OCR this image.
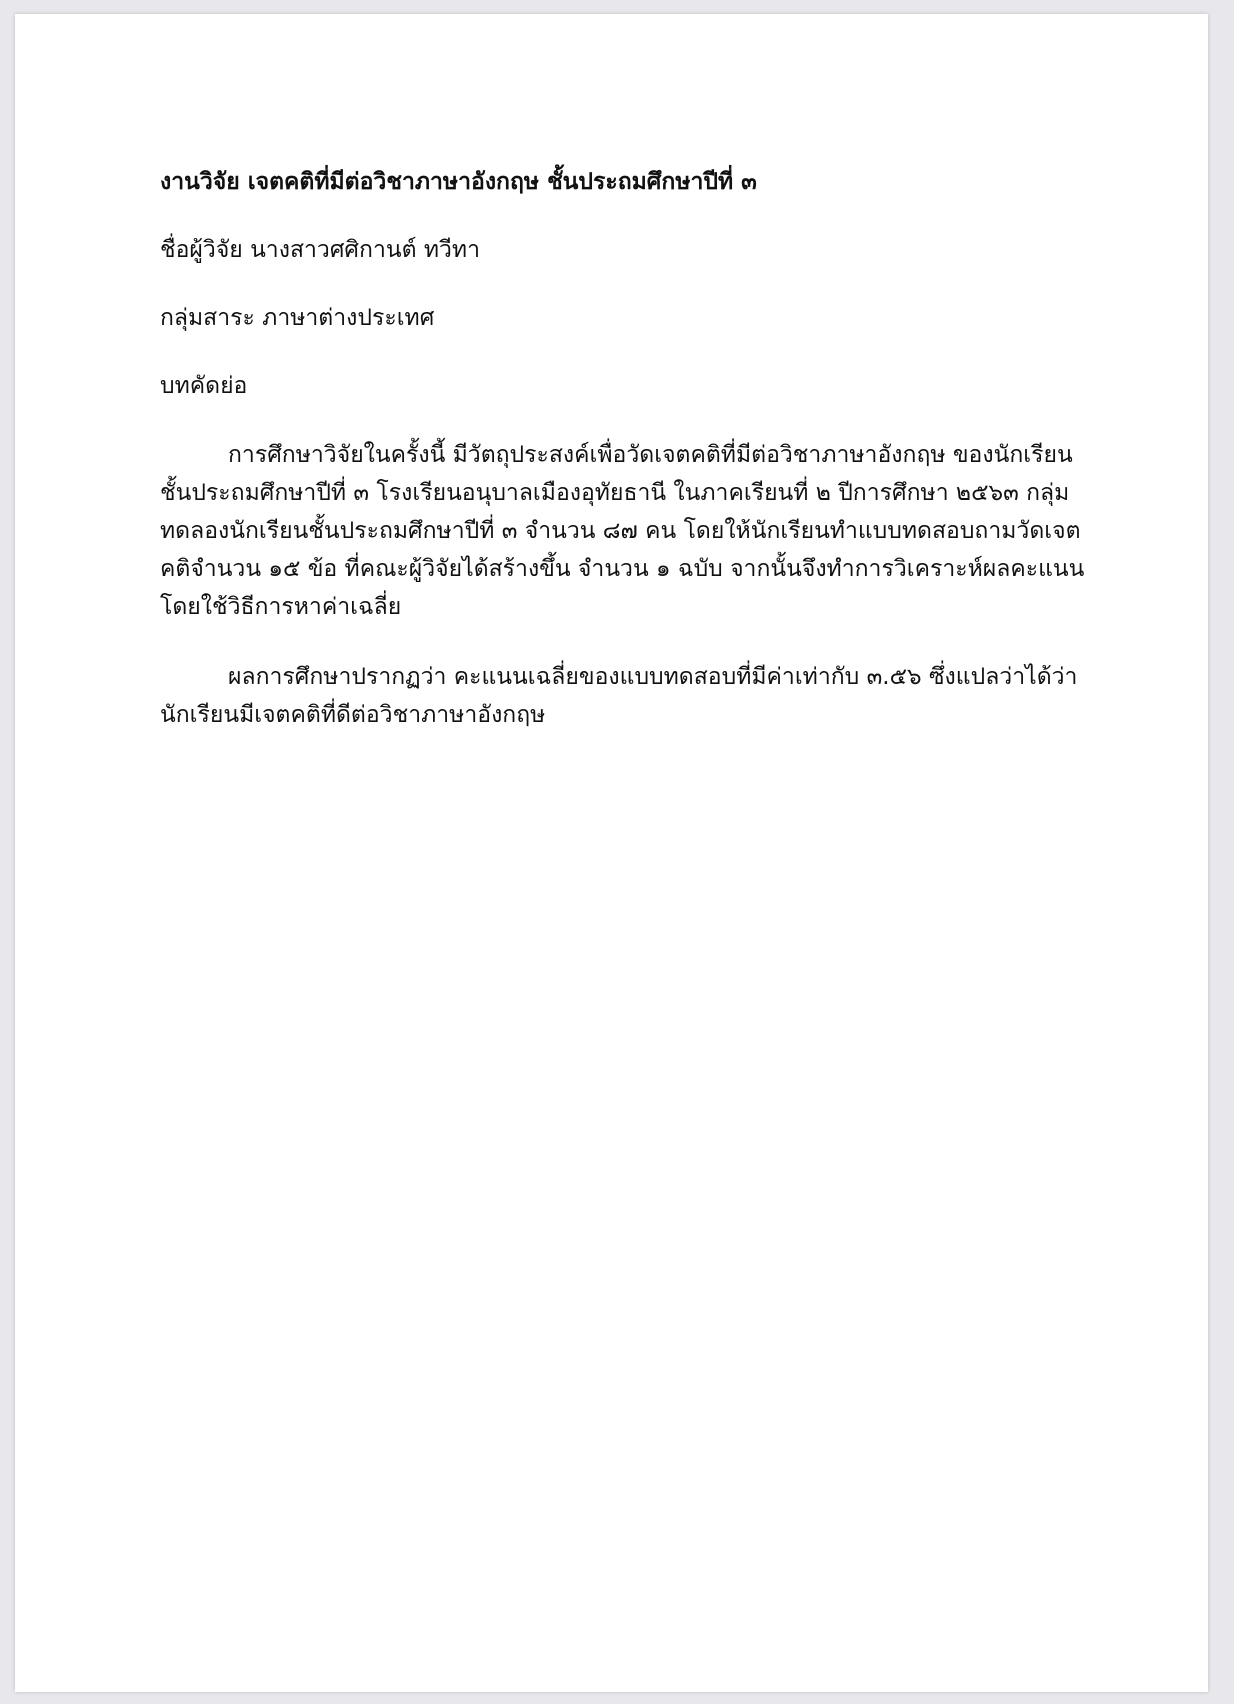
งานวิจัย เจตคติที่มีต่อวิชาภาษาอังกฤษ ชั้นประถมศึกษาปีที่ ๓

ชื่อผู้วิจัย นางสาวศศิกานต์ ทวีทา

กลุ่มสาระ ภาษาต่างประเทศ

บทคัดย่อ

การศึกษาวิจัยในครั้งนี้ มีวัตถุประสงค์เพื่อวัดเจตคติที่มีต่อวิชาภาษาอังกฤษ ของนักเรียน
ชั้นประถมศึกษาปีที่ ๓ โรงเรียนอนุบาลเมืองอุทัยธานี ในภาคเรียนที่ ๒ ปีการศึกษา ๒๕๖๓ กลุ่ม
ทดลองนักเรียนชั้นประถมศึกษาปีที่ ๓ จำนวน ๘๗ คน โดยให้นักเรียนทำแบบทดสอบถามวัดเจต
คติจำนวน ๑๕ ข้อ ที่คณะผู้วิจัยได้สร้างขึ้น จำนวน ๑ ฉบับ จากนั้นจึงทำการวิเคราะห์ผลคะแนน
โดยใช้วิธีการหาค่าเฉลี่ย

ผลการศึกษาปรากฏว่า คะแนนเฉลี่ยของแบบทดสอบที่มีค่าเท่ากับ ๓.๕๖ ซึ่งแปลว่าได้ว่า
นักเรียนมีเจตคติที่ดีต่อวิชาภาษาอังกฤษ
